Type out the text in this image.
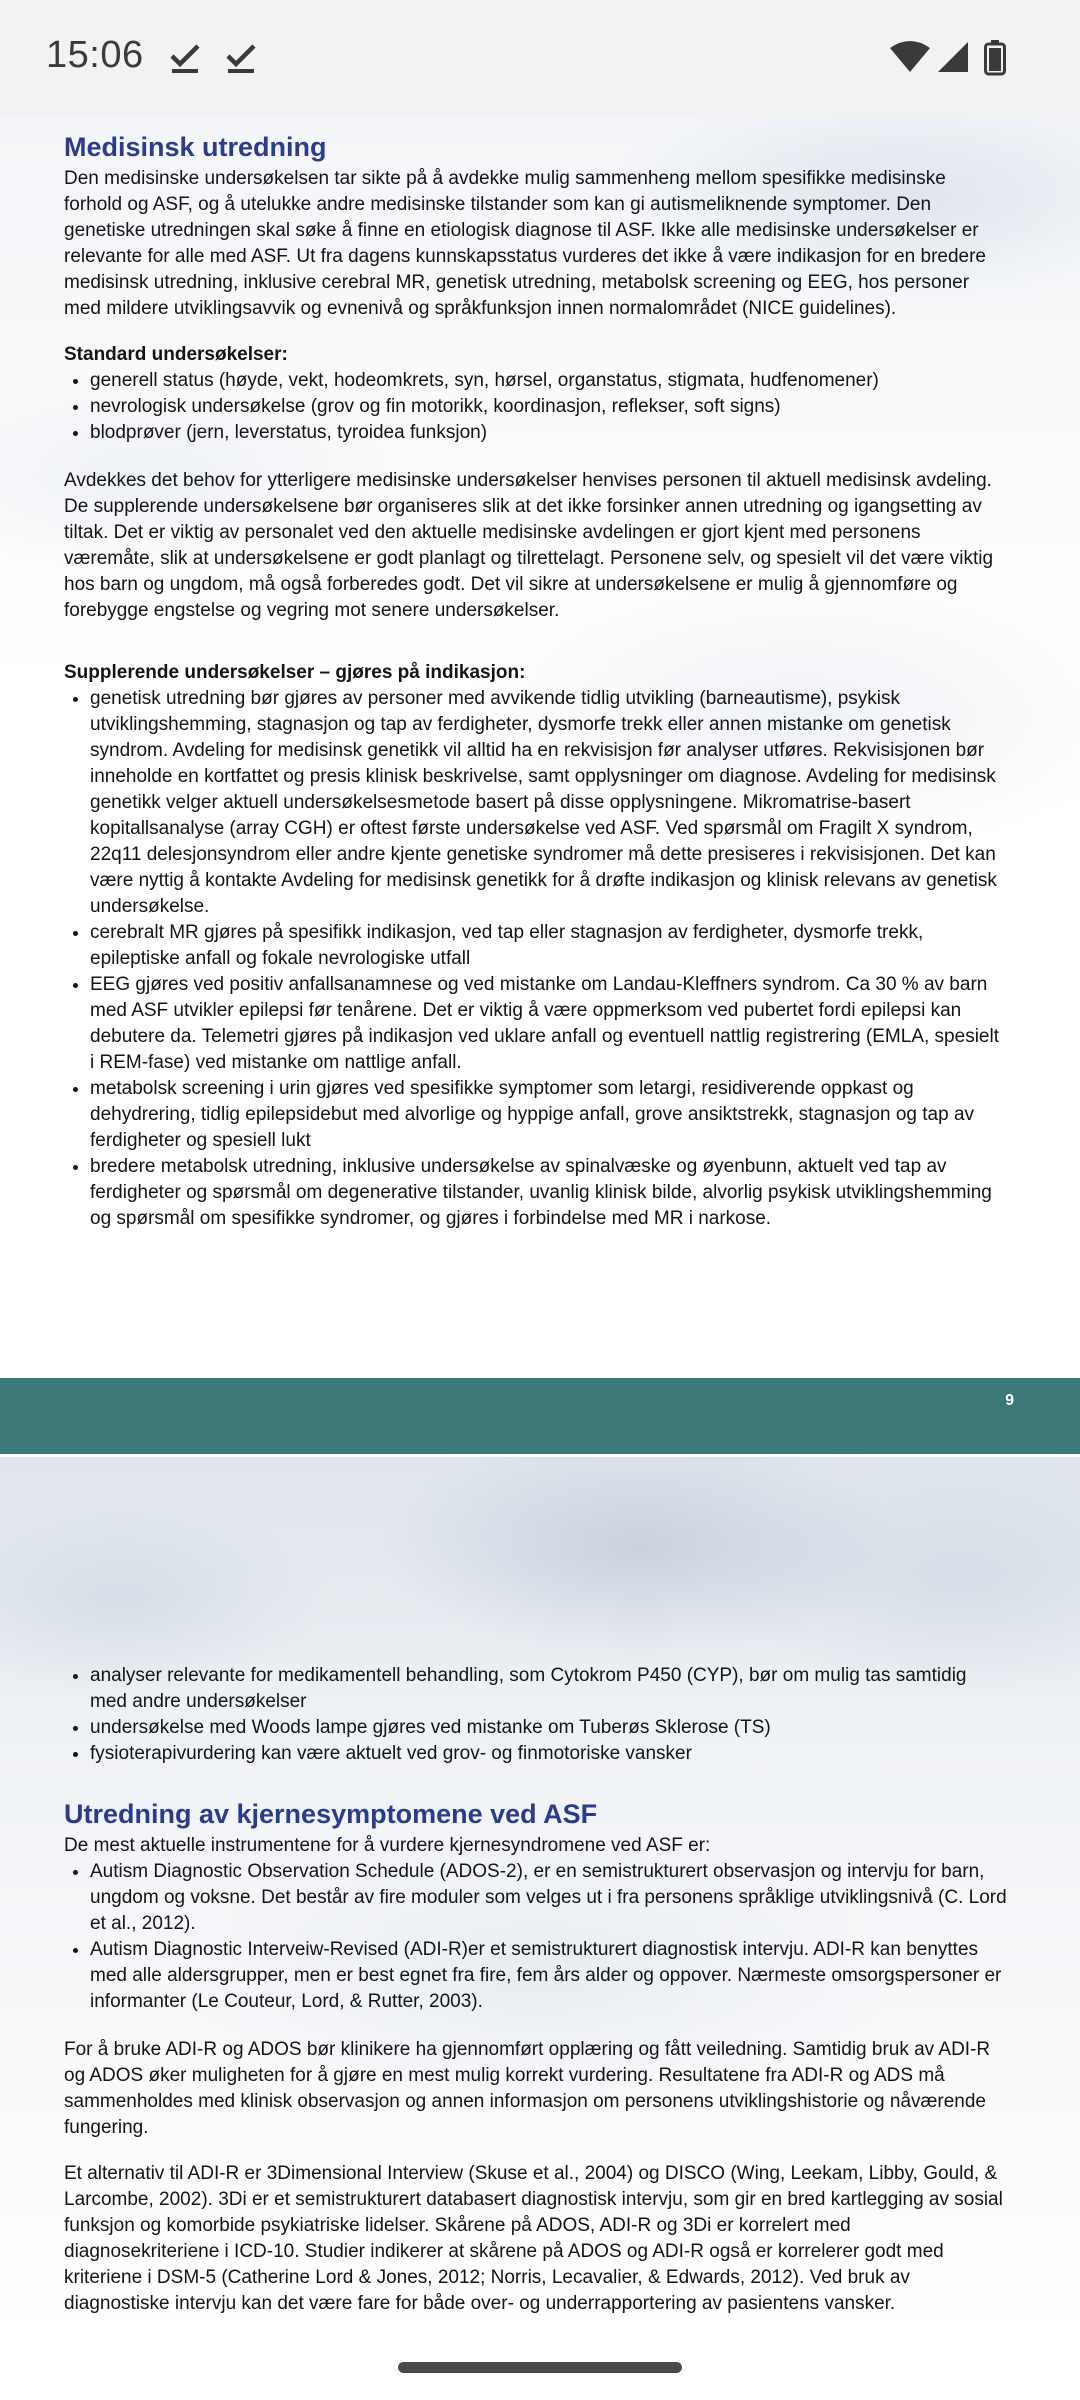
15:06
Medisinsk utredning

Den medisinske undersøkelsen tar sikte på å avdekke mulig sammenheng mellom spesifikke medisinske forhold og ASF, og å utelukke andre medisinske tilstander som kan gi autismeliknende symptomer. Den genetiske utredningen skal søke å finne en etiologisk diagnose til ASF. Ikke alle medisinske undersøkelser er relevante for alle med ASF. Ut fra dagens kunnskapsstatus vurderes det ikke å være indikasjon for en bredere medisinsk utredning, inklusive cerebral MR, genetisk utredning, metabolsk screening og EEG, hos personer med mildere utviklingsavvik og evnenivå og språkfunksjon innen normalområdet (NICE guidelines).

Standard undersøkelser:
• generell status (høyde, vekt, hodeomkrets, syn, hørsel, organstatus, stigmata, hudfenomener)
• nevrologisk undersøkelse (grov og fin motorikk, koordinasjon, reflekser, soft signs)
• blodprøver (jern, leverstatus, tyroidea funksjon)

Avdekkes det behov for ytterligere medisinske undersøkelser henvises personen til aktuell medisinsk avdeling. De supplerende undersøkelsene bør organiseres slik at det ikke forsinker annen utredning og igangsetting av tiltak. Det er viktig av personalet ved den aktuelle medisinske avdelingen er gjort kjent med personens væremåte, slik at undersøkelsene er godt planlagt og tilrettelagt. Personene selv, og spesielt vil det være viktig hos barn og ungdom, må også forberedes godt. Det vil sikre at undersøkelsene er mulig å gjennomføre og forebygge engstelse og vegring mot senere undersøkelser.

Supplerende undersøkelser – gjøres på indikasjon:
• genetisk utredning bør gjøres av personer med avvikende tidlig utvikling (barneautisme), psykisk utviklingshemming, stagnasjon og tap av ferdigheter, dysmorfe trekk eller annen mistanke om genetisk syndrom. Avdeling for medisinsk genetikk vil alltid ha en rekvisisjon før analyser utføres. Rekvisisjonen bør inneholde en kortfattet og presis klinisk beskrivelse, samt opplysninger om diagnose. Avdeling for medisinsk genetikk velger aktuell undersøkelsesmetode basert på disse opplysningene. Mikromatrise-basert kopitallsanalyse (array CGH) er oftest første undersøkelse ved ASF. Ved spørsmål om Fragilt X syndrom, 22q11 delesjonsyndrom eller andre kjente genetiske syndromer må dette presiseres i rekvisisjonen. Det kan være nyttig å kontakte Avdeling for medisinsk genetikk for å drøfte indikasjon og klinisk relevans av genetisk undersøkelse.
• cerebralt MR gjøres på spesifikk indikasjon, ved tap eller stagnasjon av ferdigheter, dysmorfe trekk, epileptiske anfall og fokale nevrologiske utfall
• EEG gjøres ved positiv anfallsanamnese og ved mistanke om Landau-Kleffners syndrom. Ca 30 % av barn med ASF utvikler epilepsi før tenårene. Det er viktig å være oppmerksom ved pubertet fordi epilepsi kan debutere da. Telemetri gjøres på indikasjon ved uklare anfall og eventuell nattlig registrering (EMLA, spesielt i REM-fase) ved mistanke om nattlige anfall.
• metabolsk screening i urin gjøres ved spesifikke symptomer som letargi, residiverende oppkast og dehydrering, tidlig epilepsidebut med alvorlige og hyppige anfall, grove ansiktstrekk, stagnasjon og tap av ferdigheter og spesiell lukt
• bredere metabolsk utredning, inklusive undersøkelse av spinalvæske og øyenbunn, aktuelt ved tap av ferdigheter og spørsmål om degenerative tilstander, uvanlig klinisk bilde, alvorlig psykisk utviklingshemming og spørsmål om spesifikke syndromer, og gjøres i forbindelse med MR i narkose.
9
• analyser relevante for medikamentell behandling, som Cytokrom P450 (CYP), bør om mulig tas samtidig med andre undersøkelser
• undersøkelse med Woods lampe gjøres ved mistanke om Tuberøs Sklerose (TS)
• fysioterapivurdering kan være aktuelt ved grov- og finmotoriske vansker
Utredning av kjernesymptomene ved ASF
De mest aktuelle instrumentene for å vurdere kjernesyndromene ved ASF er:
• Autism Diagnostic Observation Schedule (ADOS-2), er en semistrukturert observasjon og intervju for barn, ungdom og voksne. Det består av fire moduler som velges ut i fra personens språklige utviklingsnivå (C. Lord et al., 2012).
• Autism Diagnostic Interveiw-Revised (ADI-R)er et semistrukturert diagnostisk intervju. ADI-R kan benyttes med alle aldersgrupper, men er best egnet fra fire, fem års alder og oppover. Nærmeste omsorgspersoner er informanter (Le Couteur, Lord, & Rutter, 2003).

For å bruke ADI-R og ADOS bør klinikere ha gjennomført opplæring og fått veiledning. Samtidig bruk av ADI-R og ADOS øker muligheten for å gjøre en mest mulig korrekt vurdering. Resultatene fra ADI-R og ADS må sammenholdes med klinisk observasjon og annen informasjon om personens utviklingshistorie og nåværende fungering.

Et alternativ til ADI-R er 3Dimensional Interview (Skuse et al., 2004) og DISCO (Wing, Leekam, Libby, Gould, & Larcombe, 2002). 3Di er et semistrukturert databasert diagnostisk intervju, som gir en bred kartlegging av sosial funksjon og komorbide psykiatriske lidelser. Skårene på ADOS, ADI-R og 3Di er korrelert med diagnosekriteriene i ICD-10. Studier indikerer at skårene på ADOS og ADI-R også er korrelerer godt med kriteriene i DSM-5 (Catherine Lord & Jones, 2012; Norris, Lecavalier, & Edwards, 2012). Ved bruk av diagnostiske intervju kan det være fare for både over- og underrapportering av pasientens vansker.
